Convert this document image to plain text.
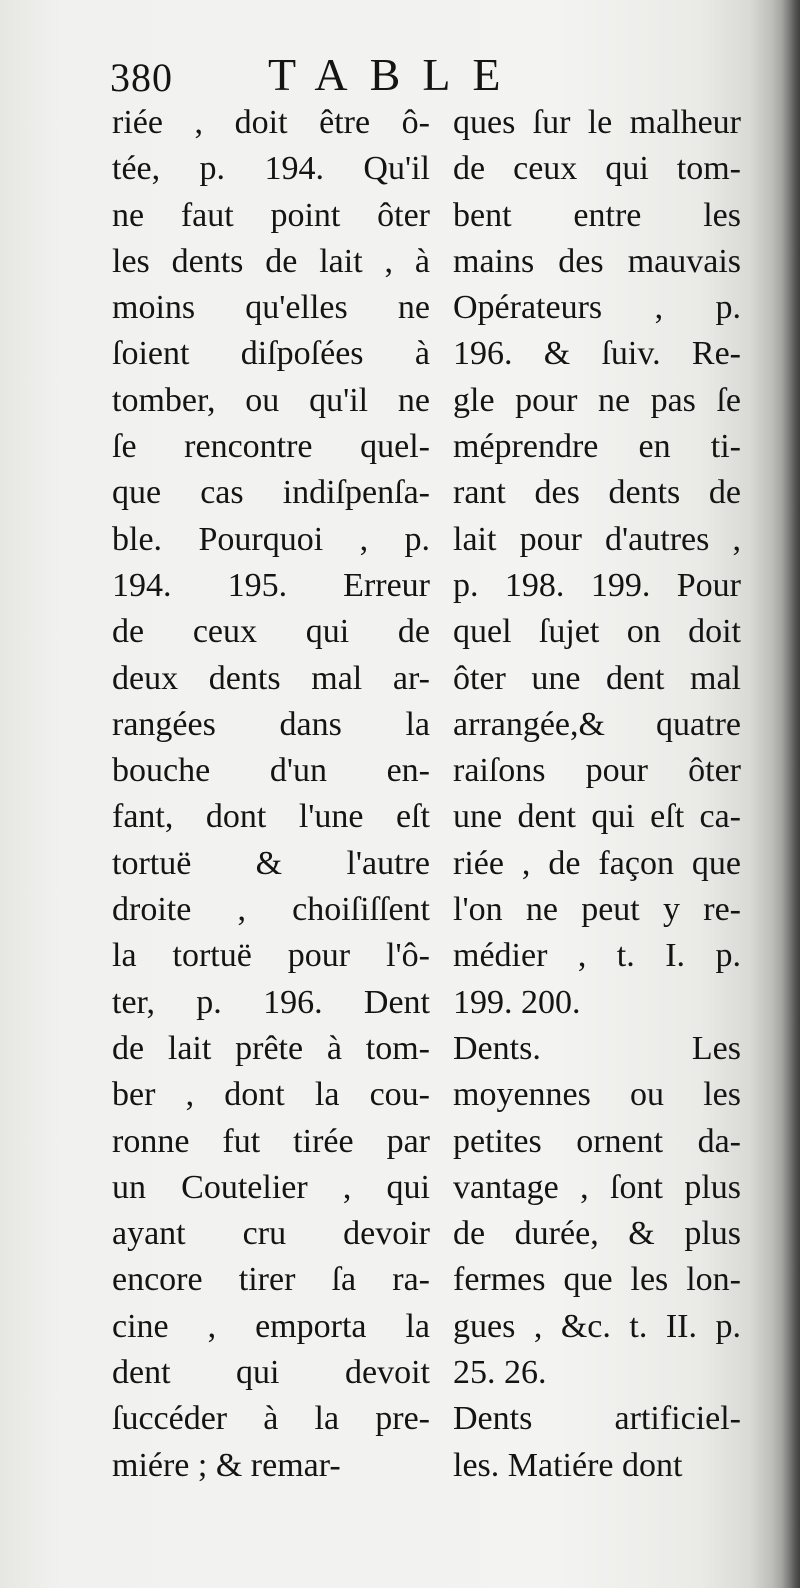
380 TABLE
riée , doit être ô-
tée, p. 194. Qu'il
ne faut point ôter
les dents de lait , à
moins qu'elles ne
ſoient diſpoſées à
tomber, ou qu'il ne
ſe rencontre quel-
que cas indiſpenſa-
ble. Pourquoi , p.
194. 195. Erreur
de ceux qui de
deux dents mal ar-
rangées dans la
bouche d'un en-
fant, dont l'une eſt
tortuë & l'autre
droite , choiſiſſent
la tortuë pour l'ô-
ter, p. 196. Dent
de lait prête à tom-
ber , dont la cou-
ronne fut tirée par
un Coutelier , qui
ayant cru devoir
encore tirer ſa ra-
cine , emporta la
dent qui devoit
ſuccéder à la pre-
miére ; & remar-
ques ſur le malheur
de ceux qui tom-
bent entre les
mains des mauvais
Opérateurs , p.
196. & ſuiv. Re-
gle pour ne pas ſe
méprendre en ti-
rant des dents de
lait pour d'autres ,
p. 198. 199. Pour
quel ſujet on doit
ôter une dent mal
arrangée,& quatre
raiſons pour ôter
une dent qui eſt ca-
riée , de façon que
l'on ne peut y re-
médier , t. I. p.
199. 200.
Dents. Les
moyennes ou les
petites ornent da-
vantage , ſont plus
de durée, & plus
fermes que les lon-
gues , &c. t. II. p.
25. 26.
Dents artificiel-
les. Matiére dont
